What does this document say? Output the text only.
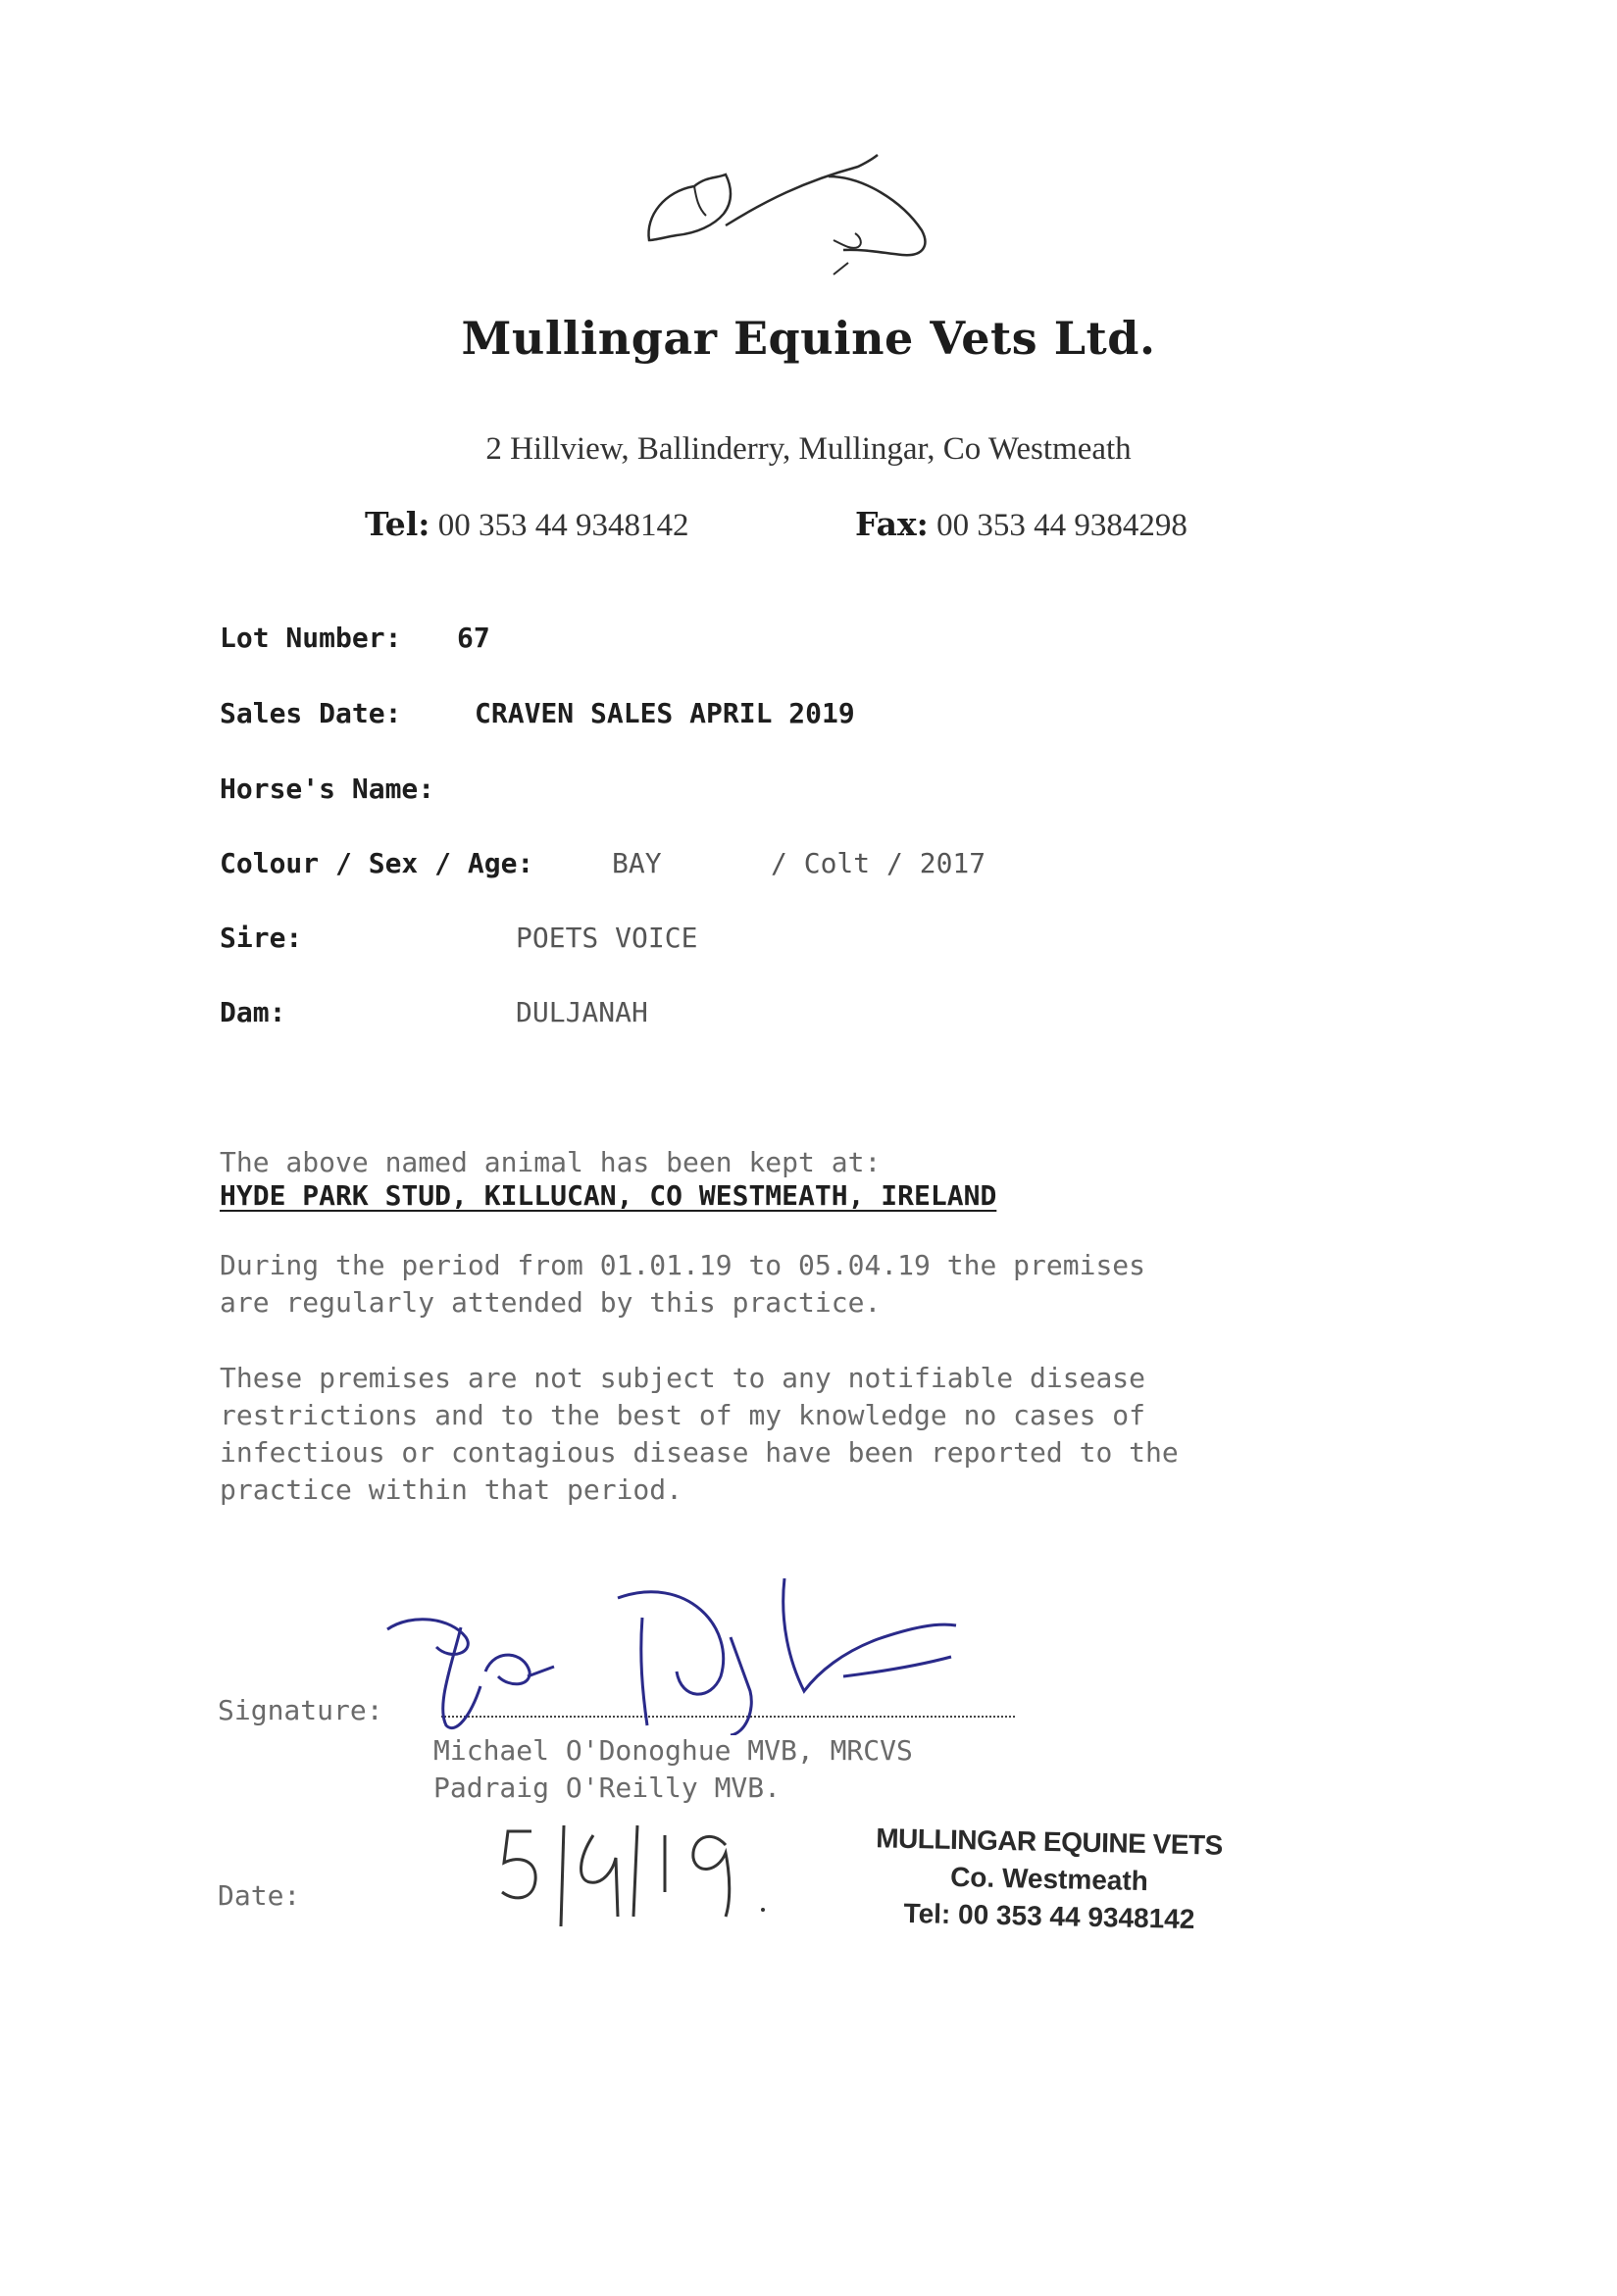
Mullingar Equine Vets Ltd.
2 Hillview, Ballinderry, Mullingar, Co Westmeath
Tel: 00 353 44 9348142	Fax: 00 353 44 9384298
Lot Number: 67
Sales Date:	CRAVEN SALES APRIL 2019
Horse's Name:
Colour / Sex / Age:	BAY	/ Colt / 2017
Sire:	POETS VOICE
Dam:	DULJANAH
The above named animal has been kept at:
HYDE PARK STUD, KILLUCAN, CO WESTMEATH, IRELAND
During the period from 01.01.19 to 05.04.19 the premises
are regularly attended by this practice.
These premises are not subject to any notifiable disease
restrictions and to the best of my knowledge no cases of
infectious or contagious disease have been reported to the
practice within that period.
Signature:
Michael O'Donoghue MVB, MRCVS
Padraig O'Reilly MVB.
Date:
MULLINGAR EQUINE VETS
Co. Westmeath
Tel: 00 353 44 9348142
